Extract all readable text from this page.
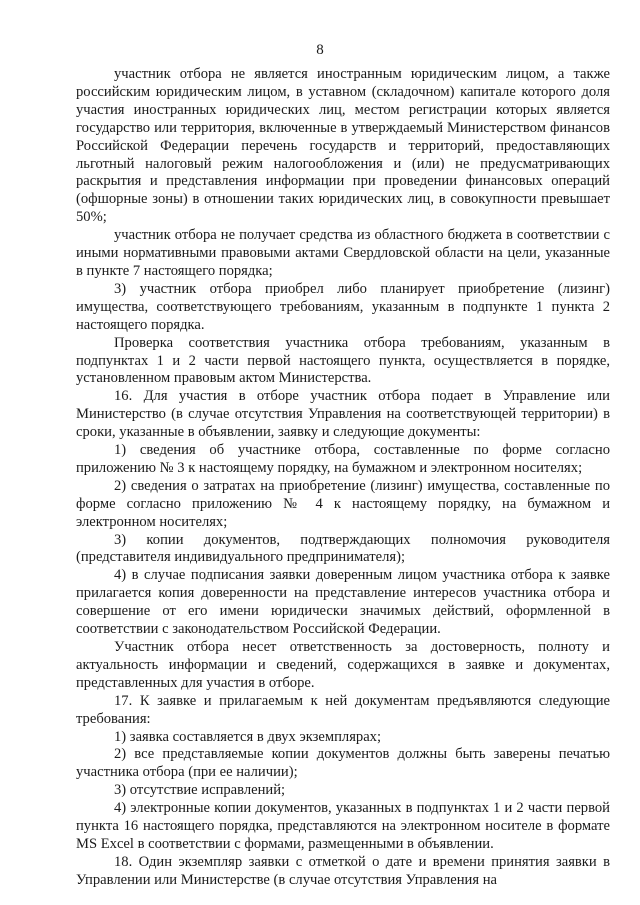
8

участник отбора не является иностранным юридическим лицом, а также российским юридическим лицом, в уставном (складочном) капитале которого доля участия иностранных юридических лиц, местом регистрации которых является государство или территория, включенные в утверждаемый Министерством финансов Российской Федерации перечень государств и территорий, предоставляющих льготный налоговый режим налогообложения и (или) не предусматривающих раскрытия и представления информации при проведении финансовых операций (офшорные зоны) в отношении таких юридических лиц, в совокупности превышает 50%;

участник отбора не получает средства из областного бюджета в соответствии с иными нормативными правовыми актами Свердловской области на цели, указанные в пункте 7 настоящего порядка;

3) участник отбора приобрел либо планирует приобретение (лизинг) имущества, соответствующего требованиям, указанным в подпункте 1 пункта 2 настоящего порядка.

Проверка соответствия участника отбора требованиям, указанным в подпунктах 1 и 2 части первой настоящего пункта, осуществляется в порядке, установленном правовым актом Министерства.

16. Для участия в отборе участник отбора подает в Управление или Министерство (в случае отсутствия Управления на соответствующей территории) в сроки, указанные в объявлении, заявку и следующие документы:

1) сведения об участнике отбора, составленные по форме согласно приложению № 3 к настоящему порядку, на бумажном и электронном носителях;

2) сведения о затратах на приобретение (лизинг) имущества, составленные по форме согласно приложению № 4 к настоящему порядку, на бумажном и электронном носителях;

3) копии документов, подтверждающих полномочия руководителя (представителя индивидуального предпринимателя);

4) в случае подписания заявки доверенным лицом участника отбора к заявке прилагается копия доверенности на представление интересов участника отбора и совершение от его имени юридически значимых действий, оформленной в соответствии с законодательством Российской Федерации.

Участник отбора несет ответственность за достоверность, полноту и актуальность информации и сведений, содержащихся в заявке и документах, представленных для участия в отборе.

17. К заявке и прилагаемым к ней документам предъявляются следующие требования:

1) заявка составляется в двух экземплярах;

2) все представляемые копии документов должны быть заверены печатью участника отбора (при ее наличии);

3) отсутствие исправлений;

4) электронные копии документов, указанных в подпунктах 1 и 2 части первой пункта 16 настоящего порядка, представляются на электронном носителе в формате MS Excel в соответствии с формами, размещенными в объявлении.

18. Один экземпляр заявки с отметкой о дате и времени принятия заявки в Управлении или Министерстве (в случае отсутствия Управления на
